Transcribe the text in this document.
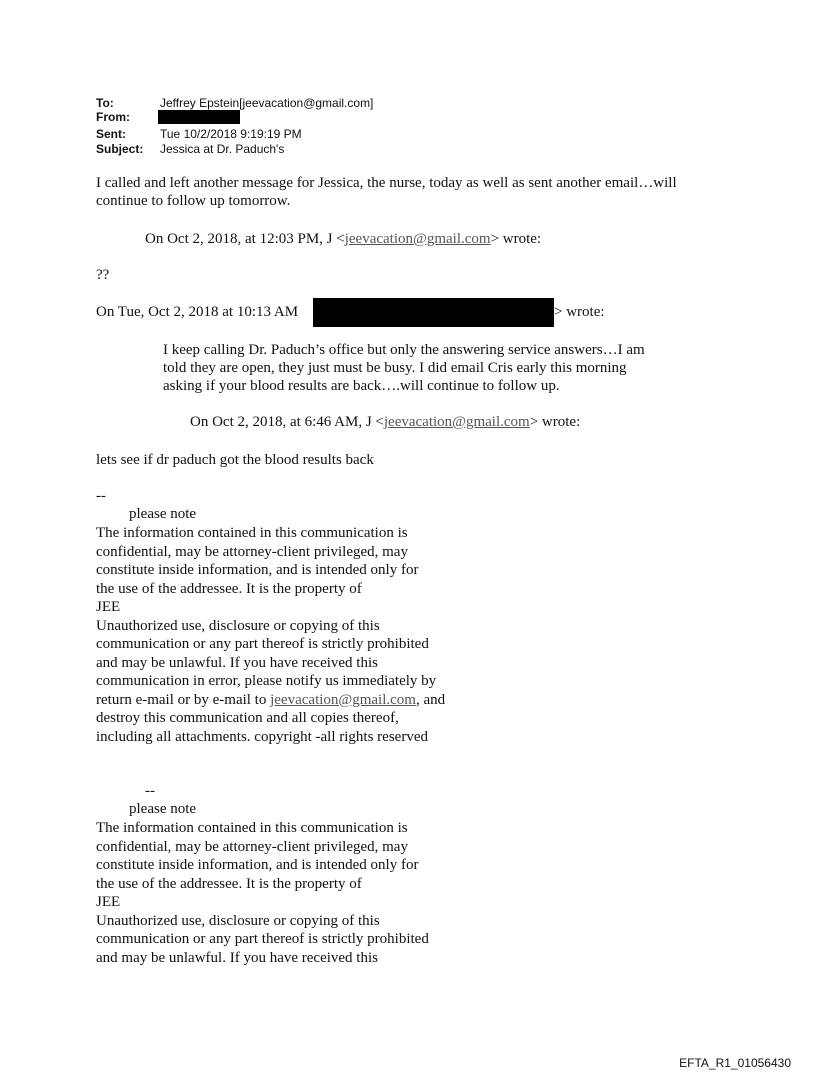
To:	Jeffrey Epstein[jeevacation@gmail.com]
From:
Sent:	Tue 10/2/2018 9:19:19 PM
Subject: Jessica at Dr. Paduch's
I called and left another message for Jessica, the nurse, today as well as sent another email…will
continue to follow up tomorrow.
On Oct 2, 2018, at 12:03 PM, J <jeevacation@gmail.com> wrote:
??
On Tue, Oct 2, 2018 at 10:13 AM	> wrote:
I keep calling Dr. Paduch’s office but only the answering service answers…I am
told they are open, they just must be busy. I did email Cris early this morning
asking if your blood results are back….will continue to follow up.
On Oct 2, 2018, at 6:46 AM, J <jeevacation@gmail.com> wrote:
lets see if dr paduch got the blood results back
--
please note
The information contained in this communication is
confidential, may be attorney-client privileged, may
constitute inside information, and is intended only for
the use of the addressee. It is the property of
JEE
Unauthorized use, disclosure or copying of this
communication or any part thereof is strictly prohibited
and may be unlawful. If you have received this
communication in error, please notify us immediately by
return e-mail or by e-mail to jeevacation@gmail.com, and
destroy this communication and all copies thereof,
including all attachments. copyright -all rights reserved
--
please note
The information contained in this communication is
confidential, may be attorney-client privileged, may
constitute inside information, and is intended only for
the use of the addressee. It is the property of
JEE
Unauthorized use, disclosure or copying of this
communication or any part thereof is strictly prohibited
and may be unlawful. If you have received this
EFTA_R1_01056430
